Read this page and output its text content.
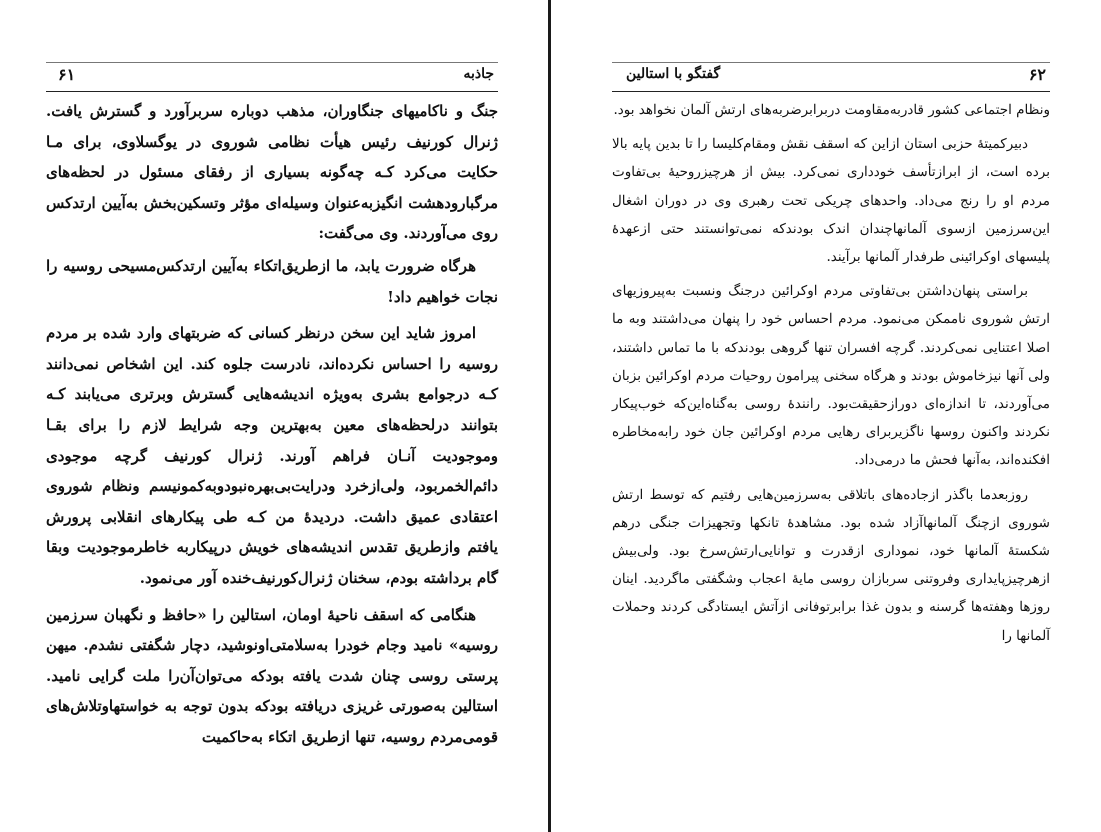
۶۱	جاذبه

جنگ و ناکامیهای جنگاوران، مذهب دوباره سربرآورد و گسترش یافت. ژنرال کورنیف رئیس هیأت نظامی شوروی در یوگسلاوی، برای مـا حکایت می‌کرد کـه چه‌گونه بسیاری از رفقای مسئول در لحظه‌های مرگبارودهشت انگیزبه‌عنوان وسیله‌ای مؤثر وتسکین‌بخش به‌آیین ارتدکس روی می‌آوردند. وی می‌گفت:

هرگاه ضرورت یابد، ما ازطریق‌اتکاء به‌آیین ارتدکس‌مسیحی روسیه را نجات خواهیم داد!

امروز شاید این سخن درنظر کسانی که ضربتهای وارد شده بر مردم روسیه را احساس نکرده‌اند، نادرست جلوه کند. این اشخاص نمی‌دانند کـه درجوامع بشری به‌ویژه اندیشه‌هایی گسترش وبرتری می‌یابند کـه بتوانند درلحظه‌های معین به‌بهترین وجه شرایط لازم را برای بقـا وموجودیت آنـان فراهم آورند. ژنرال کورنیف گرچه موجودی دائم‌الخمربود، ولی‌ازخرد ودرایت‌بی‌بهره‌نبودوبه‌کمونیسم ونظام شوروی اعتقادی عمیق داشت. دردیدهٔ من کـه طی پیکارهای انقلابی پرورش یافتم وازطریق تقدس اندیشه‌های خویش درپیکاربه خاطرموجودیت وبقا گام برداشته بودم، سخنان ژنرال‌کورنیف‌خنده آور می‌نمود.

هنگامی که اسقف ناحیهٔ اومان، استالین را «حافظ و نگهبان سرزمین روسیه» نامید وجام خودرا به‌سلامتی‌اونوشید، دچار شگفتی نشدم. میهن پرستی روسی چنان شدت یافته بودکه می‌توان‌آن‌را ملت گرایی نامید. استالین به‌صورتی غریزی دریافته بودکه بدون توجه به خواستهاوتلاش‌های قومی‌مردم روسیه، تنها ازطریق اتکاء به‌حاکمیت

۶۲
گفتگو با استالین

ونظام اجتماعی کشور قادربه‌مقاومت دربرابرضربه‌های ارتش آلمان نخواهد بود.

دبیرکمیتهٔ حزبی استان ازاین که اسقف نقش ومقام‌کلیسا را تا بدین پایه بالا برده است، از ابرازتأسف خودداری نمی‌کرد. بیش از هرچیزروحیهٔ بی‌تفاوت مردم او را رنج می‌داد. واحدهای چریکی تحت رهبری وی در دوران اشغال این‌سرزمین ازسوی آلمانهاچندان اندک بودندکه نمی‌توانستند حتی ازعهدهٔ پلیسهای اوکرائینی طرفدار آلمانها برآیند.

براستی پنهان‌داشتن بی‌تفاوتی مردم اوکرائین درجنگ ونسبت به‌پیروزیهای ارتش شوروی ناممکن می‌نمود. مردم احساس خود را پنهان می‌داشتند وبه ما اصلا اعتنایی نمی‌کردند. گرچه افسران تنها گروهی بودندکه با ما تماس داشتند، ولی آنها نیزخاموش بودند و هرگاه سخنی پیرامون روحیات مردم اوکرائین بزبان می‌آوردند، تا اندازه‌ای دورازحقیقت‌بود. رانندهٔ روسی به‌گناه‌این‌که خوب‌پیکار نکردند واکنون روسها ناگزیربرای رهایی مردم اوکرائین جان خود رابه‌مخاطره افکنده‌اند، به‌آنها فحش ما درمی‌داد.

روزبعدما باگذر ازجاده‌های باتلاقی به‌سرزمین‌هایی رفتیم که توسط ارتش شوروی ازچنگ آلمانهاآزاد شده بود. مشاهدهٔ تانکها وتجهیزات جنگی درهم شکستهٔ آلمانها خود، نموداری ازقدرت و توانایی‌ارتش‌سرخ بود. ولی‌بیش ازهرچیزپایداری وفروتنی سربازان روسی مایهٔ اعجاب وشگفتی ماگردید. اینان روزها وهفته‌ها گرسنه و بدون غذا برابرتوفانی ازآتش ایستادگی کردند وحملات آلمانها را
